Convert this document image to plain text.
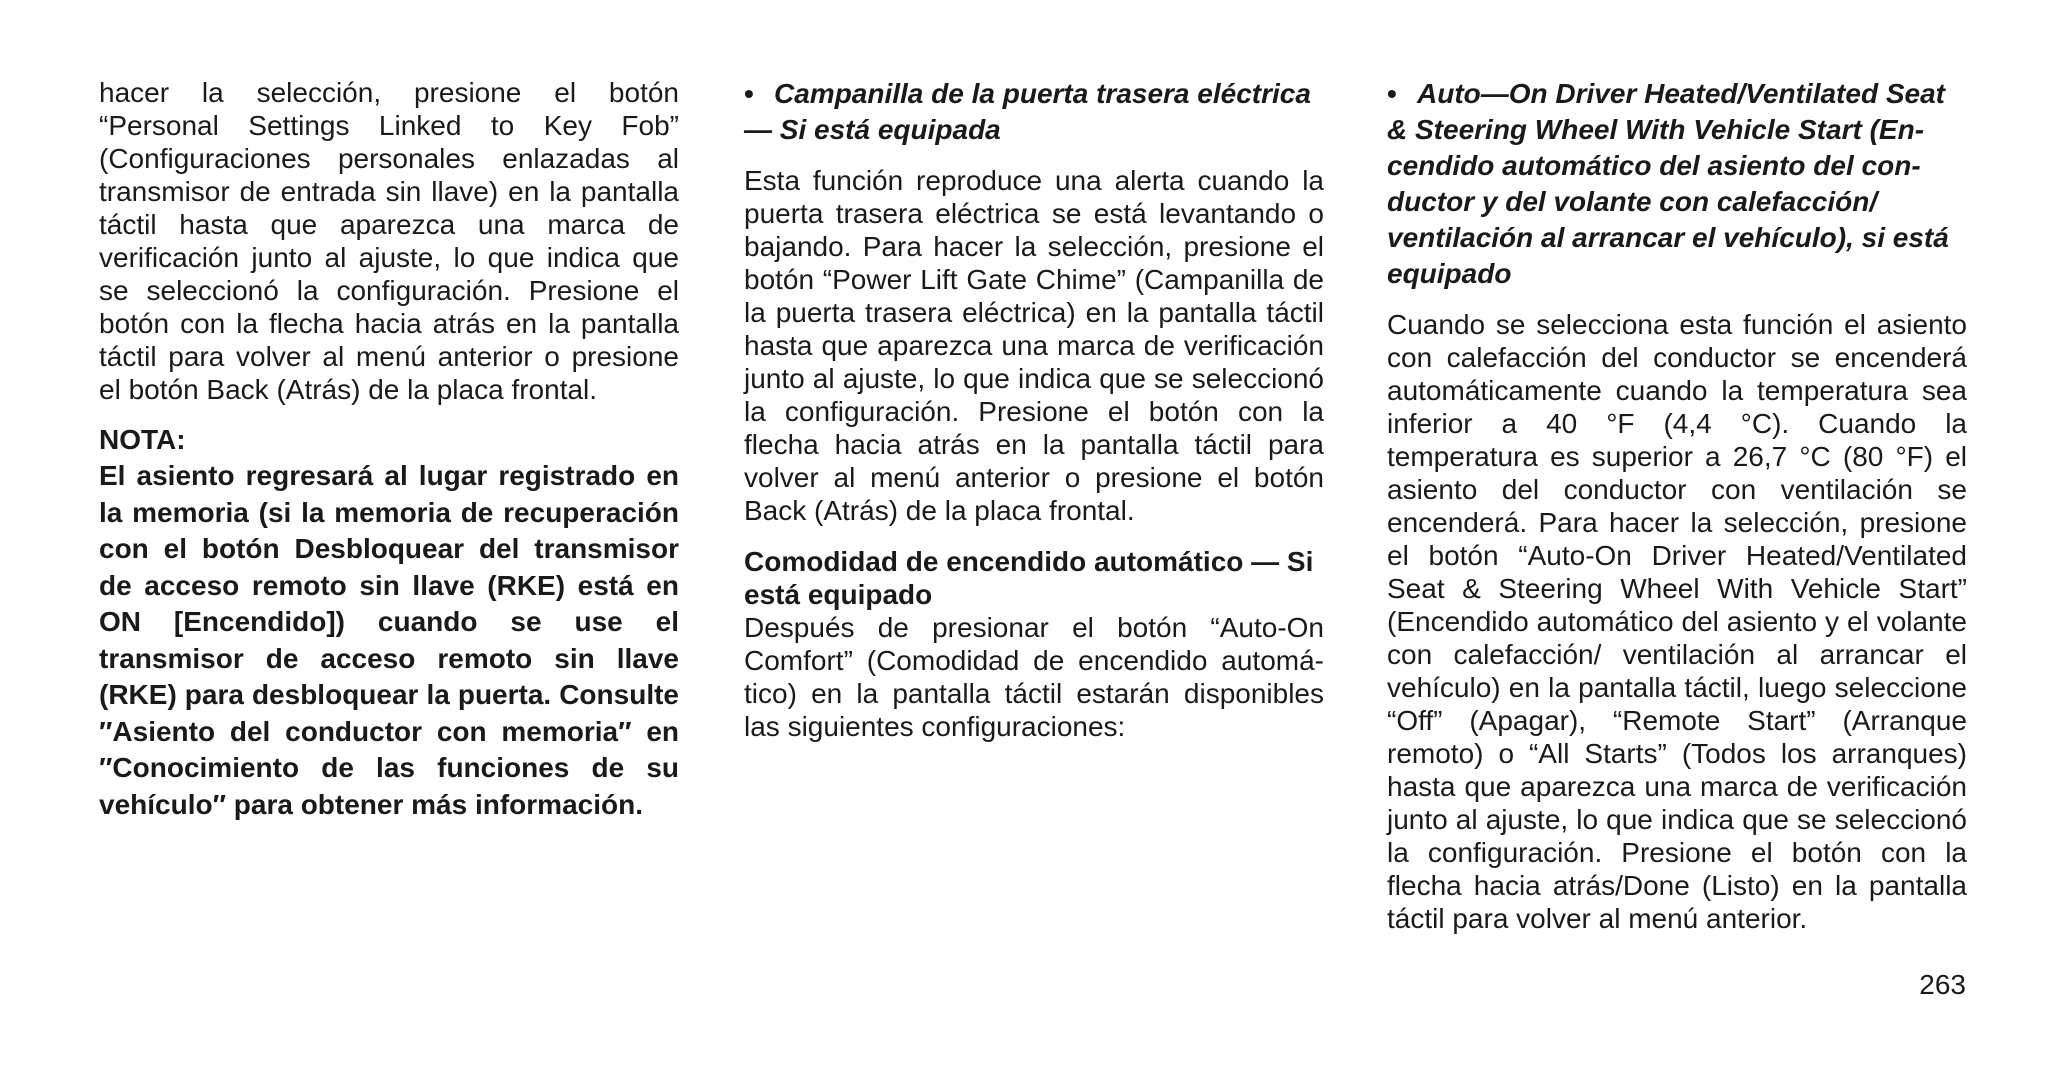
hacer la selección, presione el botón “Personal Settings Linked to Key Fob” (Configuraciones personales enlazadas al transmisor de entrada sin llave) en la pantalla táctil hasta que aparezca una marca de verificación junto al ajuste, lo que indica que se seleccionó la configuración. Presione el botón con la flecha hacia atrás en la pantalla táctil para volver al menú anterior o presione el botón Back (Atrás) de la placa frontal.

NOTA:

El asiento regresará al lugar registrado en la memoria (si la memoria de recuperación con el botón Desbloquear del transmisor de acceso remoto sin llave (RKE) está en ON [Encendido]) cuando se use el transmisor de acceso remoto sin llave (RKE) para desbloquear la puerta. Consulte ″Asiento del conductor con memoria″ en ″Conocimiento de las funciones de su vehículo″ para obtener más información.

• Campanilla de la puerta trasera eléctrica — Si está equipada

Esta función reproduce una alerta cuando la puerta trasera eléctrica se está levantando o bajando. Para hacer la selección, presione el botón “Power Lift Gate Chime” (Campanilla de la puerta trasera eléctrica) en la pantalla táctil hasta que aparezca una marca de verificación junto al ajuste, lo que indica que se seleccionó la configuración. Presione el botón con la flecha hacia atrás en la pantalla táctil para volver al menú anterior o presione el botón Back (Atrás) de la placa frontal.

Comodidad de encendido automático — Si está equipado

Después de presionar el botón “Auto-On Comfort” (Comodidad de encendido automático) en la pantalla táctil estarán disponibles las siguientes configuraciones:

• Auto—On Driver Heated/Ventilated Seat & Steering Wheel With Vehicle Start (Encendido automático del asiento del conductor y del volante con calefacción/ ventilación al arrancar el vehículo), si está equipado

Cuando se selecciona esta función el asiento con calefacción del conductor se encenderá automáticamente cuando la temperatura sea inferior a 40 °F (4,4 °C). Cuando la temperatura es superior a 26,7 °C (80 °F) el asiento del conductor con ventilación se encenderá. Para hacer la selección, presione el botón “Auto-On Driver Heated/Ventilated Seat & Steering Wheel With Vehicle Start” (Encendido automático del asiento y el volante con calefacción/ ventilación al arrancar el vehículo) en la pantalla táctil, luego seleccione “Off” (Apagar), “Remote Start” (Arranque remoto) o “All Starts” (Todos los arranques) hasta que aparezca una marca de verificación junto al ajuste, lo que indica que se seleccionó la configuración. Presione el botón con la flecha hacia atrás/Done (Listo) en la pantalla táctil para volver al menú anterior.

263
